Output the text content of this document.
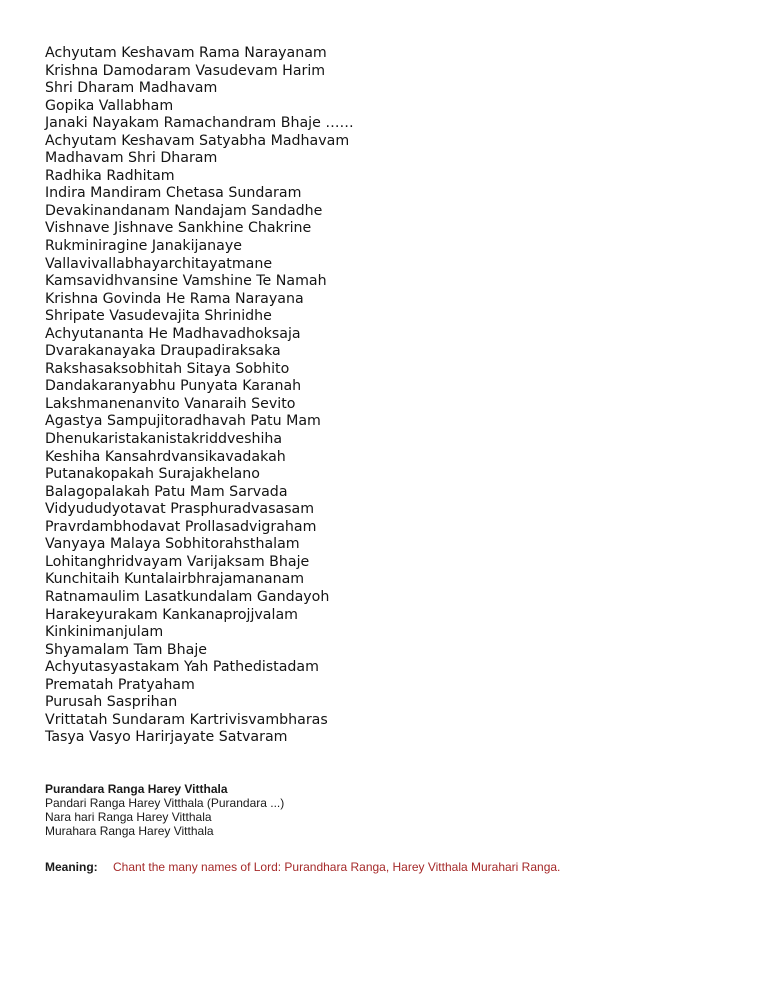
Achyutam Keshavam Rama Narayanam
Krishna Damodaram Vasudevam Harim
Shri Dharam Madhavam
Gopika Vallabham
Janaki Nayakam Ramachandram Bhaje ……
Achyutam Keshavam Satyabha Madhavam
Madhavam Shri Dharam
Radhika Radhitam
Indira Mandiram Chetasa Sundaram
Devakinandanam Nandajam Sandadhe
Vishnave Jishnave Sankhine Chakrine
Rukminiragine Janakijanaye
Vallavivallabhayarchitayatmane
Kamsavidhvansine Vamshine Te Namah
Krishna Govinda He Rama Narayana
Shripate Vasudevajita Shrinidhe
Achyutananta He Madhavadhoksaja
Dvarakanayaka Draupadiraksaka
Rakshasaksobhitah Sitaya Sobhito
Dandakaranyabhu Punyata Karanah
Lakshmanenanvito Vanaraih Sevito
Agastya Sampujitoradhavah Patu Mam
Dhenukaristakanistakriddveshiha
Keshiha Kansahrdvansikavadakah
Putanakopakah Surajakhelano
Balagopalakah Patu Mam Sarvada
Vidyududyotavat Prasphuradvasasam
Pravrdambhodavat Prollasadvigraham
Vanyaya Malaya Sobhitorahsthalam
Lohitanghridvayam Varijaksam Bhaje
Kunchitaih Kuntalairbhrajamananam
Ratnamaulim Lasatkundalam Gandayoh
Harakeyurakam Kankanaprojjvalam
Kinkinimanjulam
Shyamalam Tam Bhaje
Achyutasyastakam Yah Pathedistadam
Prematah Pratyaham
Purusah Sasprihan
Vrittatah Sundaram Kartrivisvambharas
Tasya Vasyo Harirjayate Satvaram
Purandara Ranga Harey Vitthala
Pandari Ranga Harey Vitthala (Purandara ...)
Nara hari Ranga Harey Vitthala
Murahara Ranga Harey Vitthala
Meaning: Chant the many names of Lord: Purandhara Ranga, Harey Vitthala Murahari Ranga.
